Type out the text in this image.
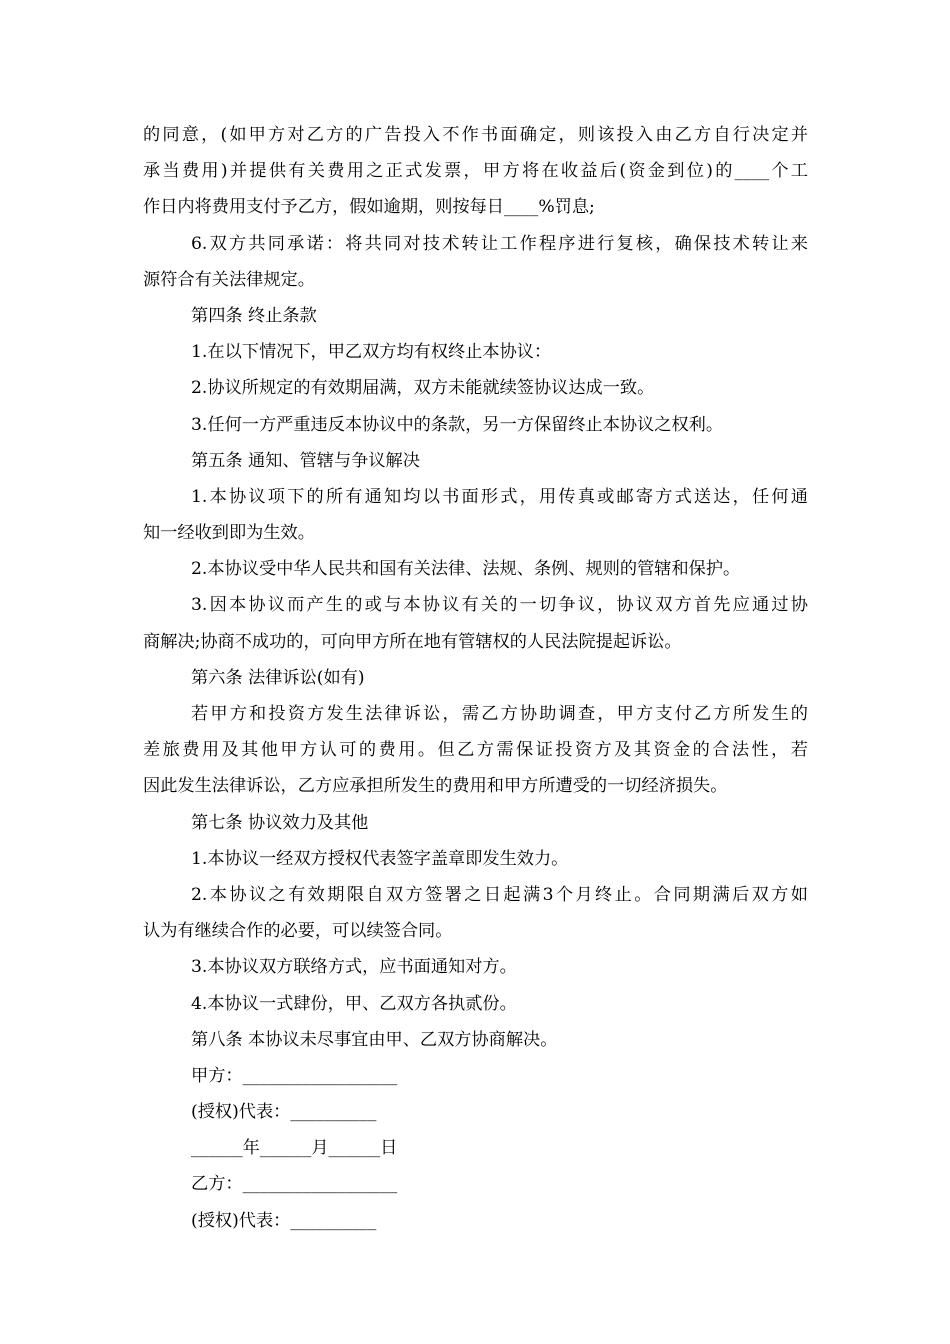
的同意，(如甲方对乙方的广告投入不作书面确定，则该投入由乙方自行决定并
承当费用)并提供有关费用之正式发票，甲方将在收益后(资金到位)的____个工
作日内将费用支付予乙方，假如逾期，则按每日____%罚息;
6.双方共同承诺：将共同对技术转让工作程序进行复核，确保技术转让来
源符合有关法律规定。
第四条 终止条款
1.在以下情况下，甲乙双方均有权终止本协议：
2.协议所规定的有效期届满，双方未能就续签协议达成一致。
3.任何一方严重违反本协议中的条款，另一方保留终止本协议之权利。
第五条 通知、管辖与争议解决
1.本协议项下的所有通知均以书面形式，用传真或邮寄方式送达，任何通
知一经收到即为生效。
2.本协议受中华人民共和国有关法律、法规、条例、规则的管辖和保护。
3.因本协议而产生的或与本协议有关的一切争议，协议双方首先应通过协
商解决;协商不成功的，可向甲方所在地有管辖权的人民法院提起诉讼。
第六条 法律诉讼(如有)
若甲方和投资方发生法律诉讼，需乙方协助调查，甲方支付乙方所发生的
差旅费用及其他甲方认可的费用。但乙方需保证投资方及其资金的合法性，若
因此发生法律诉讼，乙方应承担所发生的费用和甲方所遭受的一切经济损失。
第七条 协议效力及其他
1.本协议一经双方授权代表签字盖章即发生效力。
2.本协议之有效期限自双方签署之日起满3个月终止。合同期满后双方如
认为有继续合作的必要，可以续签合同。
3.本协议双方联络方式，应书面通知对方。
4.本协议一式肆份，甲、乙双方各执贰份。
第八条 本协议未尽事宜由甲、乙双方协商解决。
甲方：__________________
(授权)代表：__________
______年______月______日
乙方：__________________
(授权)代表：__________
